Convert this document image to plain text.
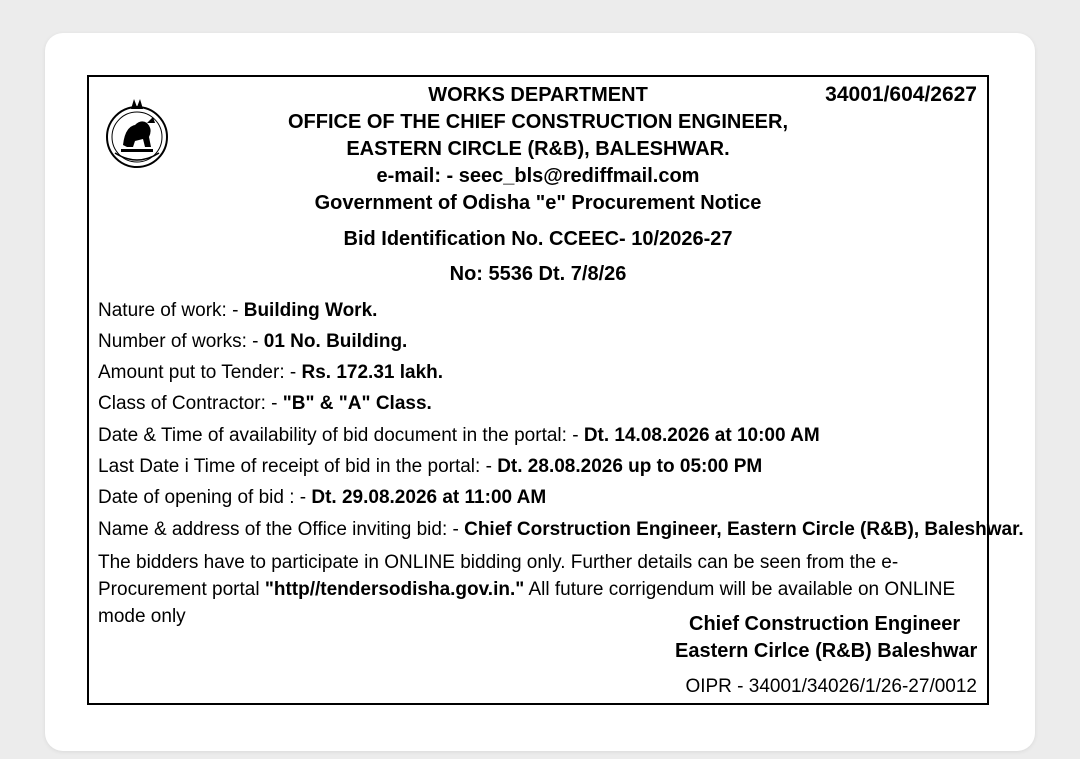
34001/604/2627
WORKS DEPARTMENT
OFFICE OF THE CHIEF CONSTRUCTION ENGINEER,
EASTERN CIRCLE (R&B), BALESHWAR.
e-mail: - seec_bls@rediffmail.com
Government of Odisha "e" Procurement Notice
Bid Identification No. CCEEC- 10/2026-27
No: 5536 Dt. 7/8/26
Nature of work: - Building Work.
Number of works: - 01 No. Building.
Amount put to Tender: - Rs. 172.31 lakh.
Class of Contractor: - "B" & "A" Class.
Date & Time of availability of bid document in the portal: - Dt. 14.08.2026 at 10:00 AM
Last Date i Time of receipt of bid in the portal: - Dt. 28.08.2026 up to 05:00 PM
Date of opening of bid : - Dt. 29.08.2026 at 11:00 AM
Name & address of the Office inviting bid: - Chief Corstruction Engineer, Eastern Circle (R&B), Baleshwar.
The bidders have to participate in ONLINE bidding only. Further details can be seen from the e-Procurement portal "http//tendersodisha.gov.in." All future corrigendum will be available on ONLINE mode only	Chief Construction Engineer
Eastern Cirlce (R&B) Baleshwar
OIPR - 34001/34026/1/26-27/0012
